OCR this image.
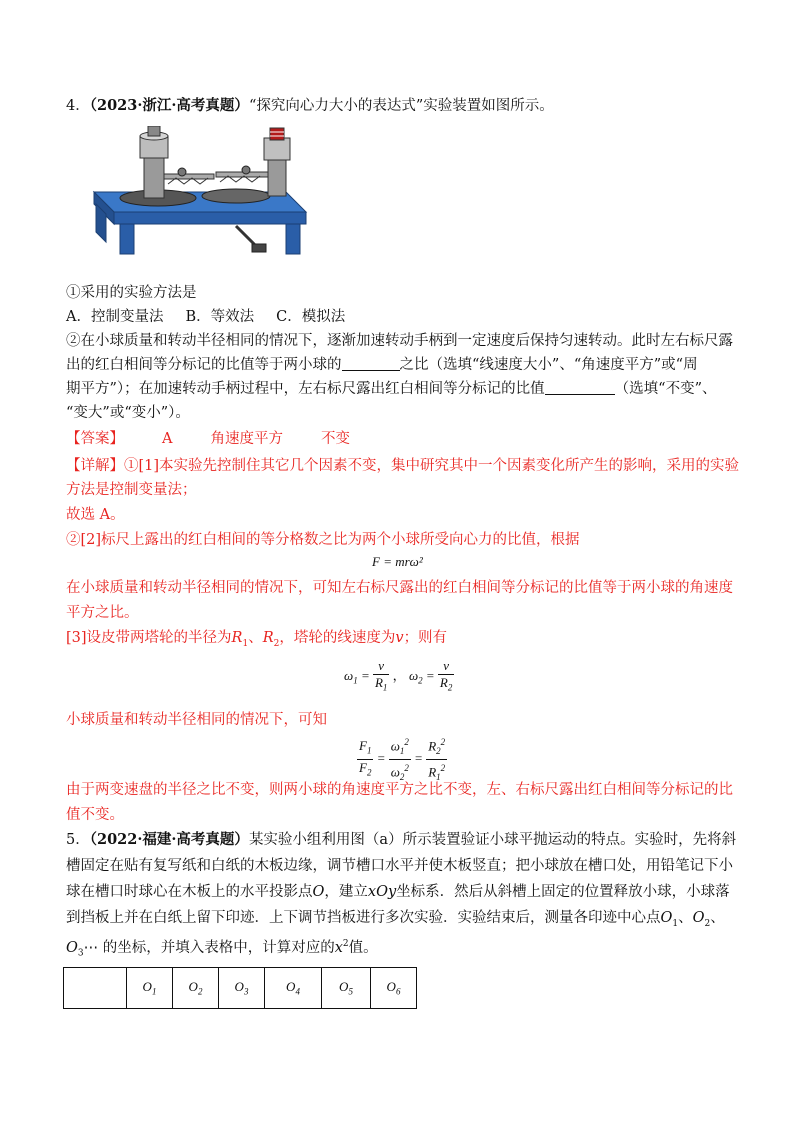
4．（2023·浙江·高考真题）“探究向心力大小的表达式”实验装置如图所示。
①采用的实验方法是
A．控制变量法 B．等效法 C．模拟法
②在小球质量和转动半径相同的情况下，逐渐加速转动手柄到一定速度后保持匀速转动。此时左右标尺露
出的红白相间等分标记的比值等于两小球的	之比（选填“线速度大小”、“角速度平方”或“周
期平方”）；在加速转动手柄过程中，左右标尺露出红白相间等分标记的比值	（选填“不变”、
“变大”或“变小”）。
【答案】	A	角速度平方	不变
【详解】①[1]本实验先控制住其它几个因素不变，集中研究其中一个因素变化所产生的影响，采用的实验
方法是控制变量法；
故选 A。
②[2]标尺上露出的红白相间的等分格数之比为两个小球所受向心力的比值，根据
F = mrω²
在小球质量和转动半径相同的情况下，可知左右标尺露出的红白相间等分标记的比值等于两小球的角速度
平方之比。
[3]设皮带两塔轮的半径为$R_1$、$R_2$，塔轮的线速度为v；则有
$\omega_1 = \frac{v}{R_1}$ ， $\omega_2 = \frac{v}{R_2}$
小球质量和转动半径相同的情况下，可知
$\frac{F_1}{F_2} = \frac{\omega_1^2}{\omega_2^2} = \frac{R_2^2}{R_1^2}$
由于两变速盘的半径之比不变，则两小球的角速度平方之比不变，左、右标尺露出红白相间等分标记的比
值不变。
5．（2022·福建·高考真题）某实验小组利用图（a）所示装置验证小球平抛运动的特点。实验时，先将斜
槽固定在贴有复写纸和白纸的木板边缘，调节槽口水平并使木板竖直；把小球放在槽口处，用铅笔记下小
球在槽口时球心在木板上的水平投影点O，建立xOy坐标系．然后从斜槽上固定的位置释放小球，小球落
到挡板上并在白纸上留下印迹．上下调节挡板进行多次实验．实验结束后，测量各印迹中心点$O_1$、$O_2$、
$O_3\cdots$ 的坐标，并填入表格中，计算对应的$x^2$值。
	$O_1$	$O_2$	$O_3$	$O_4$	$O_5$	$O_6$
